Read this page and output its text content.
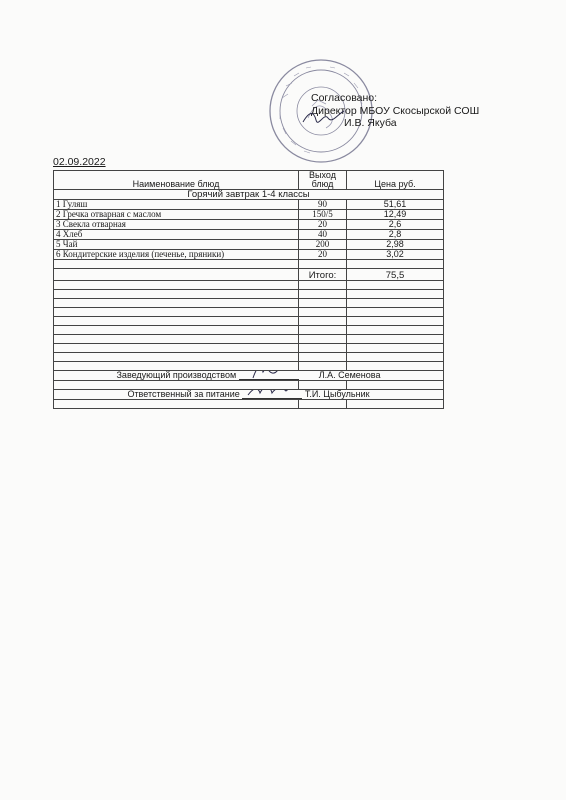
Согласовано:
Директор МБОУ Скосырской СОШ
И.В. Якуба
02.09.2022
Наименование блюд	Выход блюд	Цена руб.
Горячий завтрак 1-4 классы		
1 Гуляш	90	51,61
2 Гречка отварная с маслом	150/5	12,49
3 Свекла отварная	20	2,6
4 Хлеб	40	2,8
5 Чай	200	2,98
6 Кондитерские изделия (печенье, пряники)	20	3,02

	Итого:	75,5

Заведующий производством Л.А. Семенова		

Ответственный за питание Т.И. Цыбульник		
